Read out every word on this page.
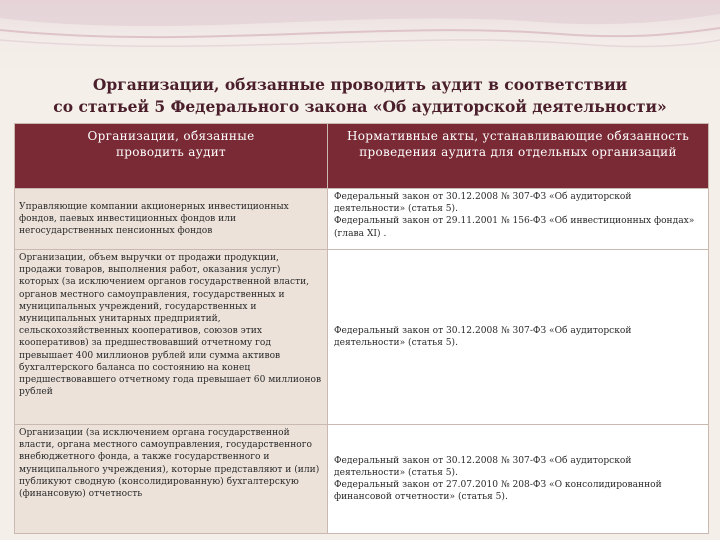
Организации, обязанные проводить аудит в соответствии
со статьей 5 Федерального закона «Об аудиторской деятельности»
Организации, обязанные проводить аудит	Нормативные акты, устанавливающие обязанность проведения аудита для отдельных организаций
Управляющие компании акционерных инвестиционных фондов, паевых инвестиционных фондов или негосударственных пенсионных фондов	Федеральный закон от 30.12.2008 № 307-ФЗ «Об аудиторской деятельности» (статья 5).
Федеральный закон от 29.11.2001 № 156-ФЗ «Об инвестиционных фондах» (глава XI) .

Организации, объем выручки от продажи продукции, продажи товаров, выполнения работ, оказания услуг) которых (за исключением органов государственной власти, органов местного самоуправления, государственных и муниципальных учреждений, государственных и муниципальных унитарных предприятий, сельскохозяйственных кооперативов, союзов этих кооперативов) за предшествовавший отчетному год превышает 400 миллионов рублей или сумма активов бухгалтерского баланса по состоянию на конец предшествовавшего отчетному года превышает 60 миллионов рублей	Федеральный закон от 30.12.2008 № 307-ФЗ «Об аудиторской деятельности» (статья 5).

Организации (за исключением органа государственной власти, органа местного самоуправления, государственного внебюджетного фонда, а также государственного и муниципального учреждения), которые представляют и (или) публикуют сводную (консолидированную) бухгалтерскую (финансовую) отчетность	Федеральный закон от 30.12.2008 № 307-ФЗ «Об аудиторской деятельности» (статья 5).
Федеральный закон от 27.07.2010 № 208-ФЗ «О консолидированной финансовой отчетности» (статья 5).
